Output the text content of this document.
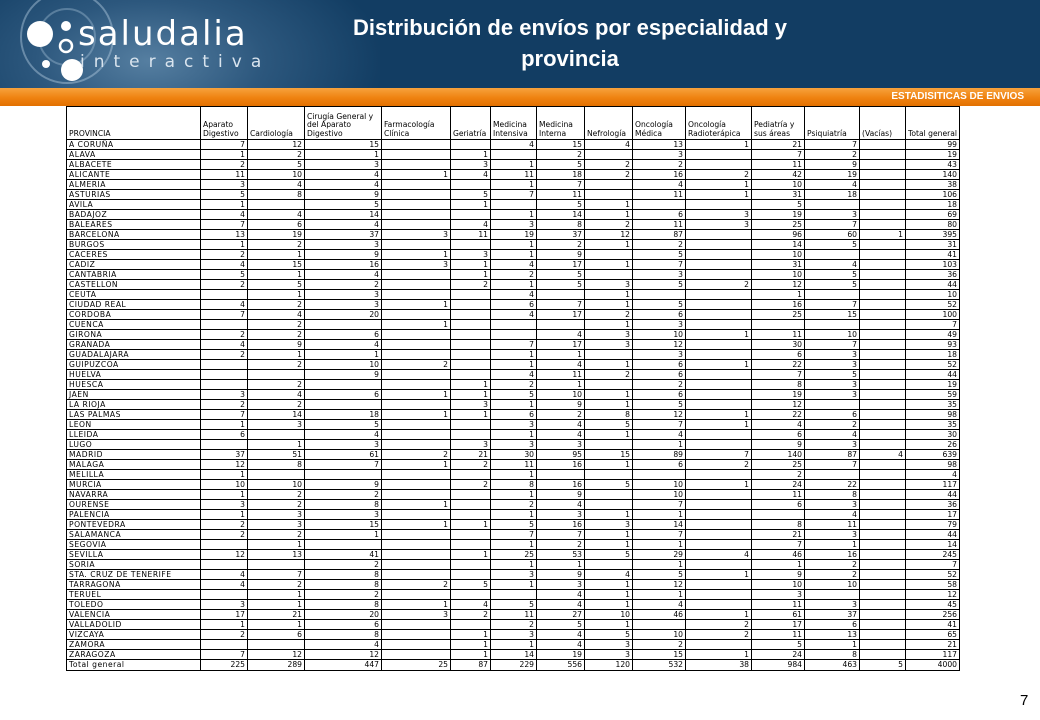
saludalia
interactiva
Distribución de envíos por especialidad y
provincia
ESTADISITICAS DE ENVIOS
PROVINCIA	Aparato Digestivo	Cardiología	Cirugía General y del Aparato Digestivo	Farmacología Clínica	Geriatría	Medicina Intensiva	Medicina Interna	Nefrología	Oncología Médica	Oncología Radioterápica	Pediatría y sus áreas	Psiquiatría	(Vacías)	Total general
A CORUÑA	7	12	15			4	15	4	13	1	21	7		99
ALAVA	1	2	1		1		2		3		7	2		19
ALBACETE	2	5	3		3	1	5	2	2		11	9		43
ALICANTE	11	10	4	1	4	11	18	2	16	2	42	19		140
ALMERIA	3	4	4			1	7		4	1	10	4		38
ASTURIAS	5	8	9		5	7	11		11	1	31	18		106
AVILA	1		5		1		5	1			5			18
BADAJOZ	4	4	14			1	14	1	6	3	19	3		69
BALEARES	7	6	4		4	3	8	2	11	3	25	7		80
BARCELONA	13	19	37	3	11	19	37	12	87		96	60	1	395
BURGOS	1	2	3			1	2	1	2		14	5		31
CACERES	2	1	9	1	3	1	9		5		10			41
CADIZ	4	15	16	3	1	4	17	1	7		31	4		103
CANTABRIA	5	1	4		1	2	5		3		10	5		36
CASTELLON	2	5	2		2	1	5	3	5	2	12	5		44
CEUTA		1	3			4		1			1			10
CIUDAD REAL	4	2	3	1		6	7	1	5		16	7		52
CORDOBA	7	4	20			4	17	2	6		25	15		100
CUENCA		2		1				1	3					7
GIRONA	2	2	6				4	3	10	1	11	10		49
GRANADA	4	9	4			7	17	3	12		30	7		93
GUADALAJARA	2	1	1			1	1		3		6	3		18
GUIPUZCOA		2	10	2		1	4	1	6	1	22	3		52
HUELVA			9			4	11	2	6		7	5		44
HUESCA		2			1	2	1		2		8	3		19
JAEN	3	4	6	1	1	5	10	1	6		19	3		59
LA RIOJA	2	2			3	1	9	1	5		12			35
LAS PALMAS	7	14	18	1	1	6	2	8	12	1	22	6		98
LEON	1	3	5			3	4	5	7	1	4	2		35
LLEIDA	6		4			1	4	1	4		6	4		30
LUGO		1	3		3	3	3		1		9	3		26
MADRID	37	51	61	2	21	30	95	15	89	7	140	87	4	639
MALAGA	12	8	7	1	2	11	16	1	6	2	25	7		98
MELILLA	1					1					2			4
MURCIA	10	10	9		2	8	16	5	10	1	24	22		117
NAVARRA	1	2	2			1	9		10		11	8		44
OURENSE	3	2	8	1		2	4		7		6	3		36
PALENCIA	1	3	3			1	3	1	1			4		17
PONTEVEDRA	2	3	15	1	1	5	16	3	14		8	11		79
SALAMANCA	2	2	1			7	7	1	7		21	3		44
SEGOVIA		1				1	2	1	1		7	1		14
SEVILLA	12	13	41		1	25	53	5	29	4	46	16		245
SORIA			2			1	1		1		1	2		7
STA. CRUZ DE TENERIFE	4	7	8			3	9	4	5	1	9	2		52
TARRAGONA	4	2	8	2	5	1	3	1	12		10	10		58
TERUEL		1	2				4	1	1		3			12
TOLEDO	3	1	8	1	4	5	4	1	4		11	3		45
VALENCIA	17	21	20	3	2	11	27	10	46	1	61	37		256
VALLADOLID	1	1	6			2	5	1		2	17	6		41
VIZCAYA	2	6	8		1	3	4	5	10	2	11	13		65
ZAMORA			4		1	1	4	3	2		5	1		21
ZARAGOZA	7	12	12		1	14	19	3	15	1	24	8		117
Total general	225	289	447	25	87	229	556	120	532	38	984	463	5	4000
7
